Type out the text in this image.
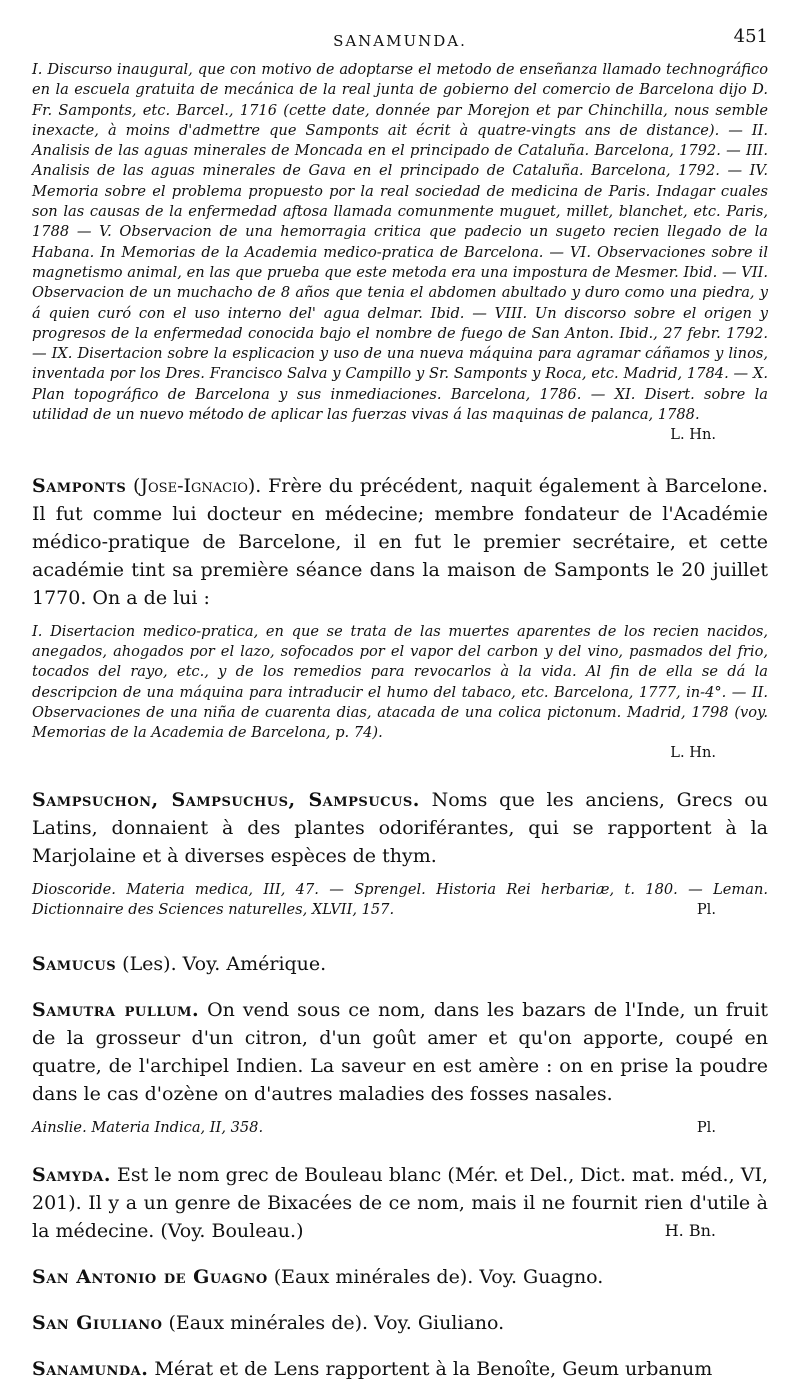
SANAMUNDA.	451
I. Discurso inaugural, que con motivo de adoptarse el metodo de enseñanza llamado technográfico en la escuela gratuita de mecánica de la real junta de gobierno del comercio de Barcelona dijo D. Fr. Samponts, etc. Barcel., 1716 (cette date, donnée par Morejon et par Chinchilla, nous semble inexacte, à moins d'admettre que Samponts ait écrit à quatre-vingts ans de distance). — II. Analisis de las aguas minerales de Moncada en el principado de Cataluña. Barcelona, 1792. — III. Analisis de las aguas minerales de Gava en el principado de Cataluña. Barcelona, 1792. — IV. Memoria sobre el problema propuesto por la real sociedad de medicina de Paris. Indagar cuales son las causas de la enfermedad aftosa llamada comunmente muguet, millet, blanchet, etc. Paris, 1788 — V. Observacion de una hemorragia critica que padecio un sugeto recien llegado de la Habana. In Memorias de la Academia medico-pratica de Barcelona. — VI. Observaciones sobre il magnetismo animal, en las que prueba que este metoda era una impostura de Mesmer. Ibid. — VII. Observacion de un muchacho de 8 años que tenia el abdomen abultado y duro como una piedra, y á quien curó con el uso interno del' agua delmar. Ibid. — VIII. Un discorso sobre el origen y progresos de la enfermedad conocida bajo el nombre de fuego de San Anton. Ibid., 27 febr. 1792. — IX. Disertacion sobre la esplicacion y uso de una nueva máquina para agramar cáñamos y linos, inventada por los Dres. Francisco Salva y Campillo y Sr. Samponts y Roca, etc. Madrid, 1784. — X. Plan topográfico de Barcelona y sus inmediaciones. Barcelona, 1786. — XI. Disert. sobre la utilidad de un nuevo método de aplicar las fuerzas vivas á las maquinas de palanca, 1788.
L. Hn.
Samponts (Jose-Ignacio). Frère du précédent, naquit également à Barcelone. Il fut comme lui docteur en médecine; membre fondateur de l'Académie médico-pratique de Barcelone, il en fut le premier secrétaire, et cette académie tint sa première séance dans la maison de Samponts le 20 juillet 1770. On a de lui :
I. Disertacion medico-pratica, en que se trata de las muertes aparentes de los recien nacidos, anegados, ahogados por el lazo, sofocados por el vapor del carbon y del vino, pasmados del frio, tocados del rayo, etc., y de los remedios para revocarlos à la vida. Al fin de ella se dá la descripcion de una máquina para intraducir el humo del tabaco, etc. Barcelona, 1777, in-4°. — II. Observaciones de una niña de cuarenta dias, atacada de una colica pictonum. Madrid, 1798 (voy. Memorias de la Academia de Barcelona, p. 74).
L. Hn.
Sampsuchon, Sampsuchus, Sampsucus. Noms que les anciens, Grecs ou Latins, donnaient à des plantes odoriférantes, qui se rapportent à la Marjolaine et à diverses espèces de thym.
Dioscoride. Materia medica, III, 47. — Sprengel. Historia Rei herbariæ, t. 180. — Leman. Dictionnaire des Sciences naturelles, XLVII, 157.	Pl.
Samucus (Les). Voy. Amérique.
Samutra pullum. On vend sous ce nom, dans les bazars de l'Inde, un fruit de la grosseur d'un citron, d'un goût amer et qu'on apporte, coupé en quatre, de l'archipel Indien. La saveur en est amère : on en prise la poudre dans le cas d'ozène on d'autres maladies des fosses nasales.
Ainslie. Materia Indica, II, 358.	Pl.
Samyda. Est le nom grec de Bouleau blanc (Mér. et Del., Dict. mat. méd., VI, 201). Il y a un genre de Bixacées de ce nom, mais il ne fournit rien d'utile à la médecine. (Voy. Bouleau.)	H. Bn.
San Antonio de Guagno (Eaux minérales de). Voy. Guagno.
San Giuliano (Eaux minérales de). Voy. Giuliano.
Sanamunda. Mérat et de Lens rapportent à la Benoîte, Geum urbanum
